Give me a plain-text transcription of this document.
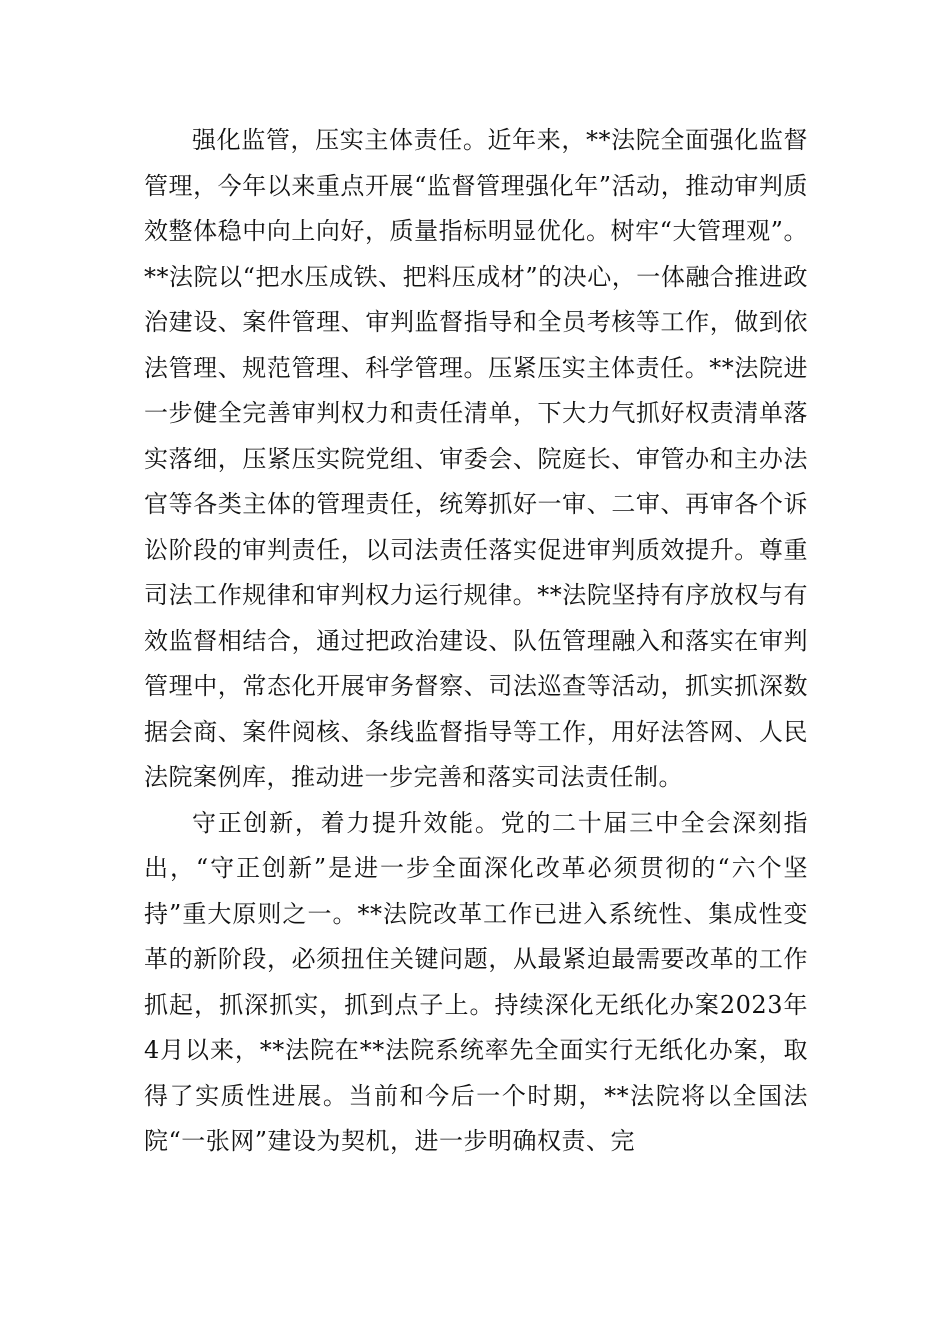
强化监管，压实主体责任。近年来，**法院全面强化监督管理，今年以来重点开展“监督管理强化年”活动，推动审判质效整体稳中向上向好，质量指标明显优化。树牢“大管理观”。**法院以“把水压成铁、把料压成材”的决心，一体融合推进政治建设、案件管理、审判监督指导和全员考核等工作，做到依法管理、规范管理、科学管理。压紧压实主体责任。**法院进一步健全完善审判权力和责任清单，下大力气抓好权责清单落实落细，压紧压实院党组、审委会、院庭长、审管办和主办法官等各类主体的管理责任，统筹抓好一审、二审、再审各个诉讼阶段的审判责任，以司法责任落实促进审判质效提升。尊重司法工作规律和审判权力运行规律。**法院坚持有序放权与有效监督相结合，通过把政治建设、队伍管理融入和落实在审判管理中，常态化开展审务督察、司法巡查等活动，抓实抓深数据会商、案件阅核、条线监督指导等工作，用好法答网、人民法院案例库，推动进一步完善和落实司法责任制。

守正创新，着力提升效能。党的二十届三中全会深刻指出，“守正创新”是进一步全面深化改革必须贯彻的“六个坚持”重大原则之一。**法院改革工作已进入系统性、集成性变革的新阶段，必须扭住关键问题，从最紧迫最需要改革的工作抓起，抓深抓实，抓到点子上。持续深化无纸化办案2023年4月以来，**法院在**法院系统率先全面实行无纸化办案，取得了实质性进展。当前和今后一个时期，**法院将以全国法院“一张网”建设为契机，进一步明确权责、完
